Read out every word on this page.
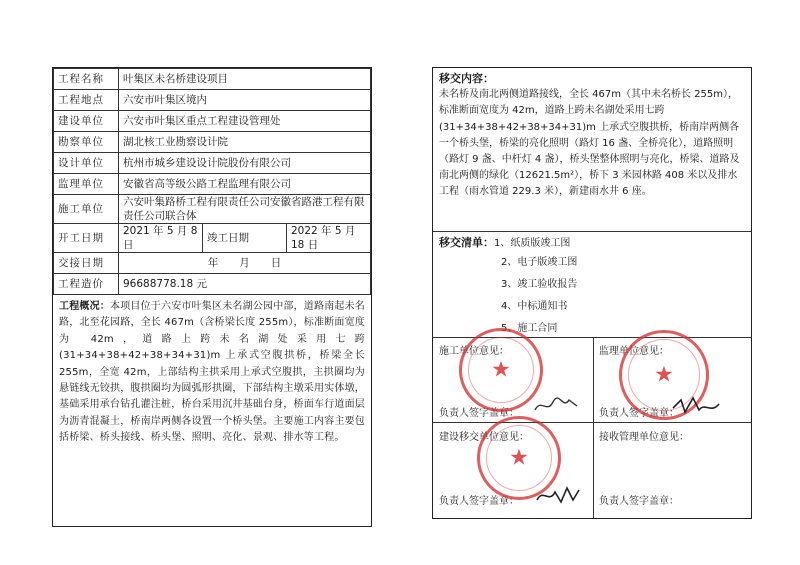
工程名称	叶集区未名桥建设项目		
工程地点	六安市叶集区境内		
建设单位	六安市叶集区重点工程建设管理处		
勘察单位	湖北核工业勘察设计院		
设计单位	杭州市城乡建设设计院股份有限公司		
监理单位	安徽省高等级公路工程监理有限公司		
施工单位	六安叶集路桥工程有限责任公司安徽省路港工程有限责任公司联合体		
开工日期	2021 年 5 月 8 日	竣工日期	2022 年 5 月 18 日
交接日期	年　　月　　日		
工程造价	96688778.18 元		
工程概况：本项目位于六安市叶集区未名湖公园中部，道路南起未名路，北至花园路，全长 467m（含桥梁长度 255m），标准断面宽度为 42m，道路上跨未名湖处采用七跨(31+34+38+42+38+34+31)m 上承式空腹拱桥，桥梁全长 255m，全宽 42m，上部结构主拱采用上承式空腹拱，主拱圈均为悬链线无铰拱，腹拱圈均为圆弧形拱圈，下部结构主墩采用实体墩，基础采用承台钻孔灌注桩，桥台采用沉井基础台身，桥面车行道面层为沥青混凝土，桥南岸两侧各设置一个桥头堡。主要施工内容主要包括桥梁、桥头接线、桥头堡、照明、亮化、景观、排水等工程。
移交内容：
未名桥及南北两侧道路接线，全长 467m（其中未名桥长 255m），标准断面宽度为 42m，道路上跨未名湖处采用七跨(31+34+38+42+38+34+31)m 上承式空腹拱桥，桥南岸两侧各一个桥头堡，桥梁的亮化照明（路灯 16 盏、全桥亮化），道路照明（路灯 9 盏、中杆灯 4 盏），桥头堡整体照明与亮化，桥梁、道路及南北两侧的绿化（12621.5m²），桥下 3 米园林路 408 米以及排水工程（雨水管道 229.3 米），新建雨水井 6 座。
移交清单：1、纸质版竣工图
2、电子版竣工图
3、竣工验收报告
4、中标通知书
5、施工合同
施工单位意见：	监理单位意见：
负责人签字盖章：	负责人签字盖章：
建设移交单位意见：	接收管理单位意见：
负责人签字盖章：	负责人签字盖章：
★	★
★
